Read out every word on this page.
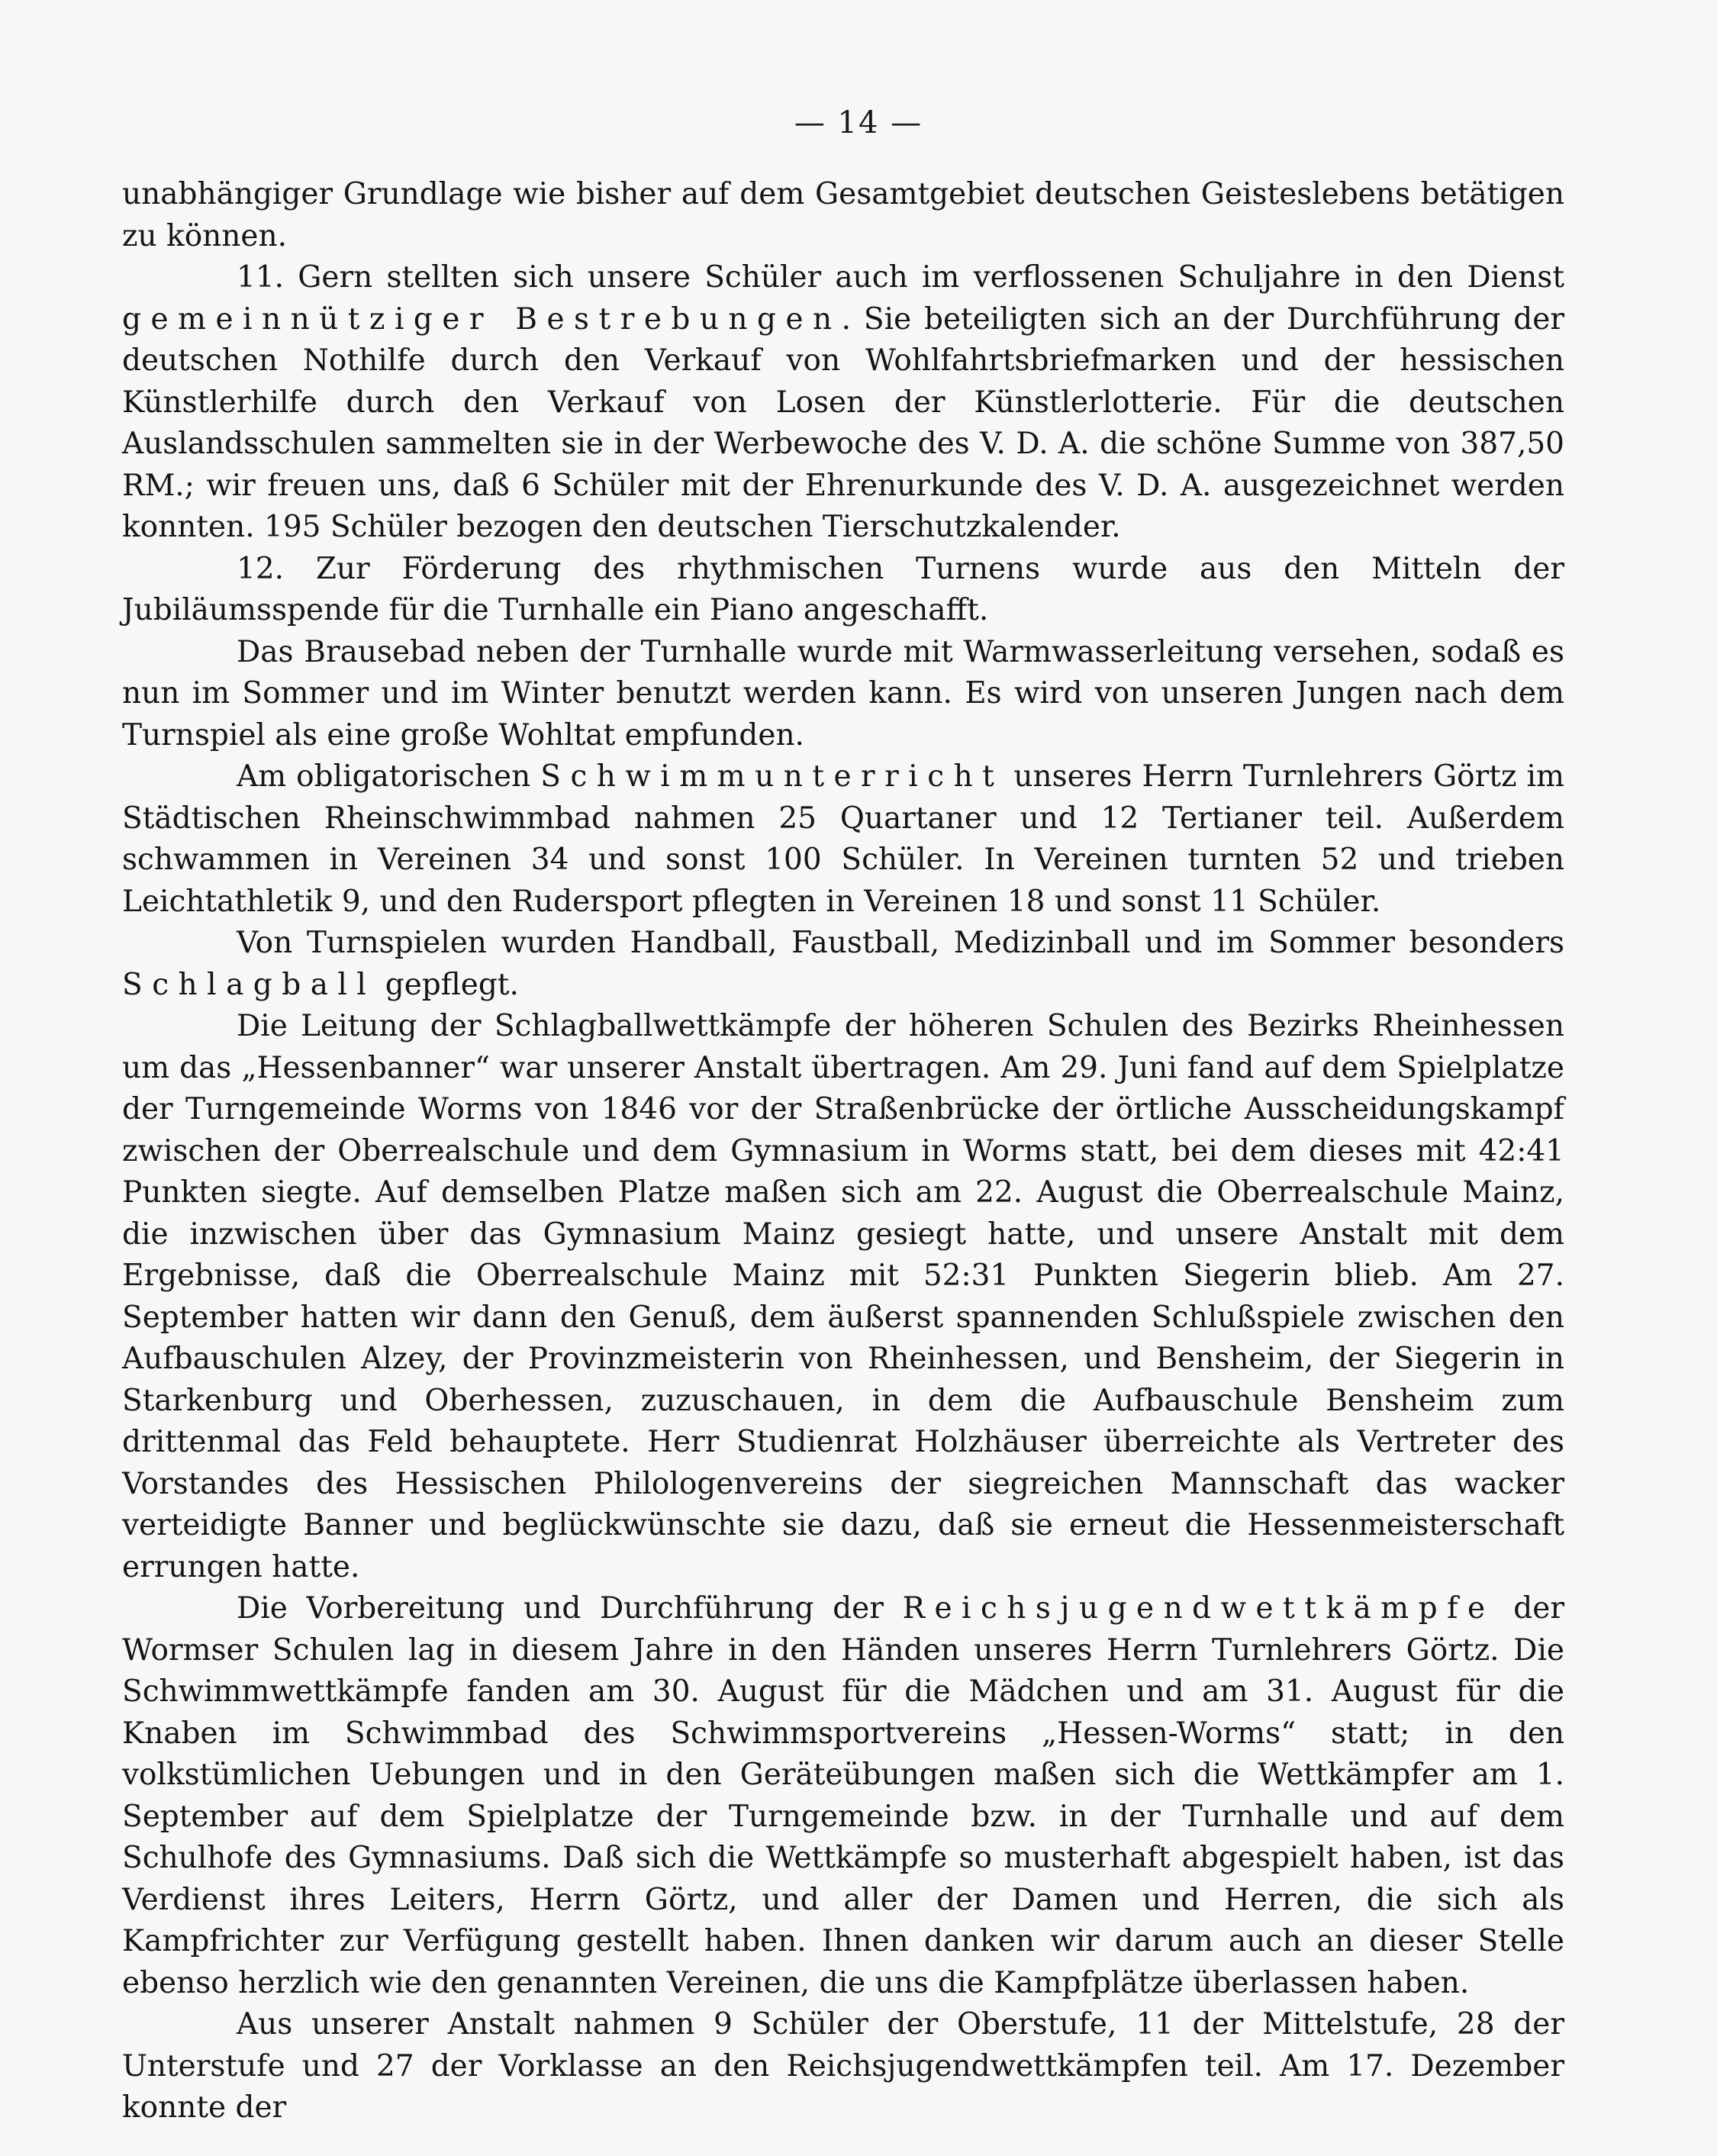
— 14 —

unabhängiger Grundlage wie bisher auf dem Gesamtgebiet deutschen Geisteslebens betätigen zu können.

11. Gern stellten sich unsere Schüler auch im verflossenen Schuljahre in den Dienst gemeinnütziger Bestrebungen. Sie beteiligten sich an der Durchführung der deutschen Nothilfe durch den Verkauf von Wohlfahrtsbriefmarken und der hessischen Künstlerhilfe durch den Verkauf von Losen der Künstlerlotterie. Für die deutschen Auslandsschulen sammelten sie in der Werbewoche des V. D. A. die schöne Summe von 387,50 RM.; wir freuen uns, daß 6 Schüler mit der Ehrenurkunde des V. D. A. ausgezeichnet werden konnten. 195 Schüler bezogen den deutschen Tierschutzkalender.

12. Zur Förderung des rhythmischen Turnens wurde aus den Mitteln der Jubiläumsspende für die Turnhalle ein Piano angeschafft.

Das Brausebad neben der Turnhalle wurde mit Warmwasserleitung versehen, sodaß es nun im Sommer und im Winter benutzt werden kann. Es wird von unseren Jungen nach dem Turnspiel als eine große Wohltat empfunden.

Am obligatorischen Schwimmunterricht unseres Herrn Turnlehrers Görtz im Städtischen Rheinschwimmbad nahmen 25 Quartaner und 12 Tertianer teil. Außerdem schwammen in Vereinen 34 und sonst 100 Schüler. In Vereinen turnten 52 und trieben Leichtathletik 9, und den Rudersport pflegten in Vereinen 18 und sonst 11 Schüler.

Von Turnspielen wurden Handball, Faustball, Medizinball und im Sommer besonders Schlagball gepflegt.

Die Leitung der Schlagballwettkämpfe der höheren Schulen des Bezirks Rheinhessen um das „Hessenbanner“ war unserer Anstalt übertragen. Am 29. Juni fand auf dem Spielplatze der Turngemeinde Worms von 1846 vor der Straßenbrücke der örtliche Ausscheidungskampf zwischen der Oberrealschule und dem Gymnasium in Worms statt, bei dem dieses mit 42:41 Punkten siegte. Auf demselben Platze maßen sich am 22. August die Oberrealschule Mainz, die inzwischen über das Gymnasium Mainz gesiegt hatte, und unsere Anstalt mit dem Ergebnisse, daß die Oberrealschule Mainz mit 52:31 Punkten Siegerin blieb. Am 27. September hatten wir dann den Genuß, dem äußerst spannenden Schlußspiele zwischen den Aufbauschulen Alzey, der Provinzmeisterin von Rheinhessen, und Bensheim, der Siegerin in Starkenburg und Oberhessen, zuzuschauen, in dem die Aufbauschule Bensheim zum drittenmal das Feld behauptete. Herr Studienrat Holzhäuser überreichte als Vertreter des Vorstandes des Hessischen Philologenvereins der siegreichen Mannschaft das wacker verteidigte Banner und beglückwünschte sie dazu, daß sie erneut die Hessenmeisterschaft errungen hatte.

Die Vorbereitung und Durchführung der Reichsjugendwettkämpfe der Wormser Schulen lag in diesem Jahre in den Händen unseres Herrn Turnlehrers Görtz. Die Schwimmwettkämpfe fanden am 30. August für die Mädchen und am 31. August für die Knaben im Schwimmbad des Schwimmsportvereins „Hessen-Worms“ statt; in den volkstümlichen Uebungen und in den Geräteübungen maßen sich die Wettkämpfer am 1. September auf dem Spielplatze der Turngemeinde bzw. in der Turnhalle und auf dem Schulhofe des Gymnasiums. Daß sich die Wettkämpfe so musterhaft abgespielt haben, ist das Verdienst ihres Leiters, Herrn Görtz, und aller der Damen und Herren, die sich als Kampfrichter zur Verfügung gestellt haben. Ihnen danken wir darum auch an dieser Stelle ebenso herzlich wie den genannten Vereinen, die uns die Kampfplätze überlassen haben.

Aus unserer Anstalt nahmen 9 Schüler der Oberstufe, 11 der Mittelstufe, 28 der Unterstufe und 27 der Vorklasse an den Reichsjugendwettkämpfen teil. Am 17. Dezember konnte der
